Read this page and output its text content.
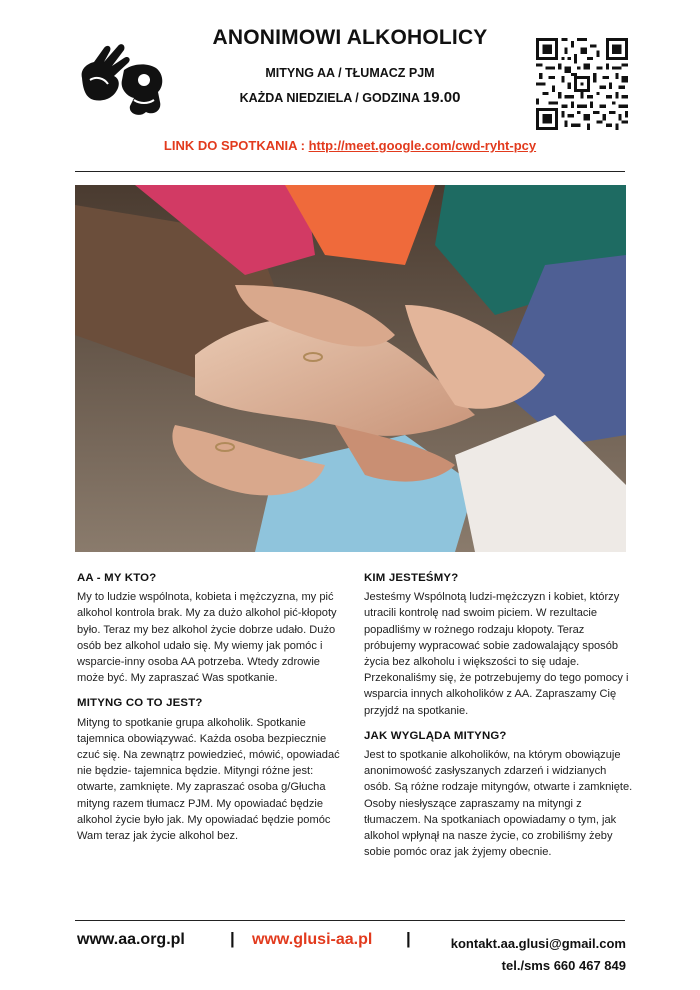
ANONIMOWI ALKOHOLICY
MITYNG AA / TŁUMACZ PJM
KAŻDA NIEDZIELA / GODZINA 19.00
LINK DO SPOTKANIA : http://meet.google.com/cwd-ryht-pcy
AA - MY KTO?

My to ludzie wspólnota, kobieta i mężczyzna, my pić alkohol kontrola brak. My za dużo alkohol pić-kłopoty było. Teraz my bez alkohol życie dobrze udało. Dużo osób bez alkohol udało się. My wiemy jak pomóc i wsparcie-inny osoba AA potrzeba. Wtedy zdrowie może być. My zapraszać Was spotkanie.

MITYNG CO TO JEST?

Mityng to spotkanie grupa alkoholik. Spotkanie tajemnica obowiązywać. Każda osoba bezpiecznie czuć się. Na zewnątrz powiedzieć, mówić, opowiadać nie będzie- tajemnica będzie. Mityngi różne jest: otwarte, zamknięte. My zapraszać osoba g/Głucha mityng razem tłumacz PJM. My opowiadać będzie alkohol życie było jak. My opowiadać będzie pomóc Wam teraz jak życie alkohol bez.

KIM JESTEŚMY?

Jesteśmy Wspólnotą ludzi-mężczyzn i kobiet, którzy utracili kontrolę nad swoim piciem. W rezultacie popadliśmy w rożnego rodzaju kłopoty. Teraz próbujemy wypracować sobie zadowalający sposób życia bez alkoholu i większości to się udaje. Przekonaliśmy się, że potrzebujemy do tego pomocy i wsparcia innych alkoholików z AA. Zapraszamy Cię przyjdź na spotkanie.

JAK WYGLĄDA MITYNG?

Jest to spotkanie alkoholików, na którym obowiązuje anonimowość zasłyszanych zdarzeń i widzianych osób. Są różne rodzaje mityngów, otwarte i zamknięte. Osoby niesłyszące zapraszamy na mityngi z tłumaczem. Na spotkaniach opowiadamy o tym, jak alkohol wpłynął na nasze życie, co zrobiliśmy żeby sobie pomóc oraz jak żyjemy obecnie.

www.aa.org.pl	| www.glusi-aa.pl |	kontakt.aa.glusi@gmail.com
tel./sms 660 467 849
